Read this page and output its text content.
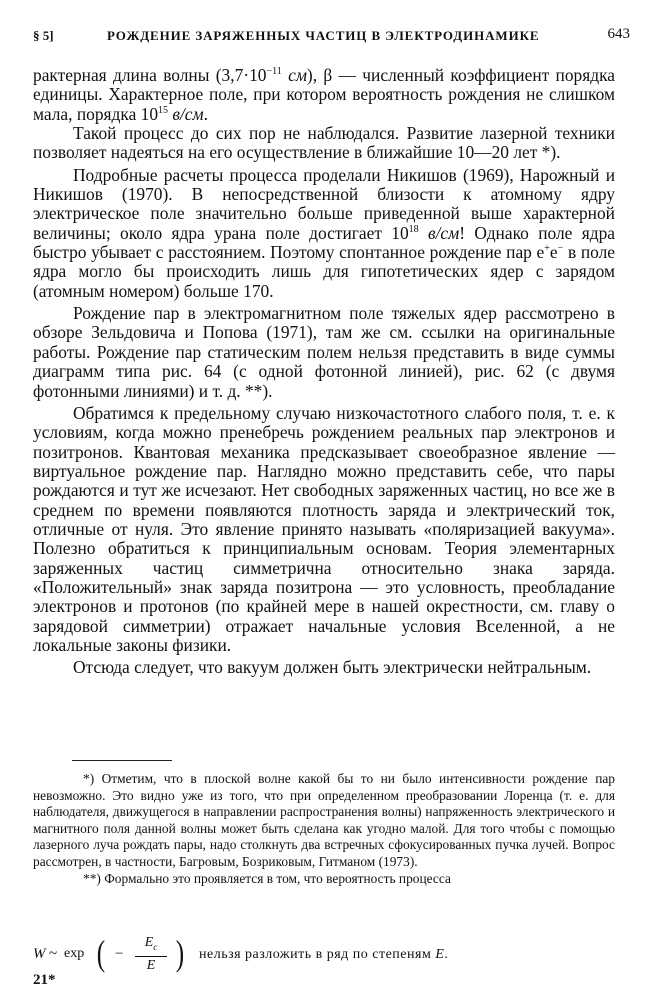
§ 5]	РОЖДЕНИЕ ЗАРЯЖЕННЫХ ЧАСТИЦ В ЭЛЕКТРОДИНАМИКЕ	643

рактерная длина волны ($3,7\cdot 10^{-11}$ см), β — численный коэффициент порядка единицы. Характерное поле, при котором вероятность рождения не слишком мала, порядка $10^{15}$ в/см.

Такой процесс до сих пор не наблюдался. Развитие лазерной техники позволяет надеяться на его осуществление в ближайшие 10—20 лет *).

Подробные расчеты процесса проделали Никишов (1969), Нарожный и Никишов (1970). В непосредственной близости к атомному ядру электрическое поле значительно больше приведенной выше характерной величины; около ядра урана поле достигает $10^{18}$ в/см! Однако поле ядра быстро убывает с расстоянием. Поэтому спонтанное рождение пар e+e− в поле ядра могло бы происходить лишь для гипотетических ядер с зарядом (атомным номером) больше 170.

Рождение пар в электромагнитном поле тяжелых ядер рассмотрено в обзоре Зельдовича и Попова (1971), там же см. ссылки на оригинальные работы. Рождение пар статическим полем нельзя представить в виде суммы диаграмм типа рис. 64 (с одной фотонной линией), рис. 62 (с двумя фотонными линиями) и т. д. **).

Обратимся к предельному случаю низкочастотного слабого поля, т. е. к условиям, когда можно пренебречь рождением реальных пар электронов и позитронов. Квантовая механика предсказывает своеобразное явление — виртуальное рождение пар. Наглядно можно представить себе, что пары рождаются и тут же исчезают. Нет свободных заряженных частиц, но все же в среднем по времени появляются плотность заряда и электрический ток, отличные от нуля. Это явление принято называть «поляризацией вакуума». Полезно обратиться к принципиальным основам. Теория элементарных заряженных частиц симметрична относительно знака заряда. «Положительный» знак заряда позитрона — это условность, преобладание электронов и протонов (по крайней мере в нашей окрестности, см. главу о зарядовой симметрии) отражает начальные условия Вселенной, а не локальные законы физики.

Отсюда следует, что вакуум должен быть электрически нейтральным.

*) Отметим, что в плоской волне какой бы то ни было интенсивности рождение пар невозможно. Это видно уже из того, что при определенном преобразовании Лоренца (т. е. для наблюдателя, движущегося в направлении распространения волны) напряженность электрического и магнитного поля данной волны может быть сделана как угодно малой. Для того чтобы с помощью лазерного луча рождать пары, надо столкнуть два встречных сфокусированных пучка лучей. Вопрос рассмотрен, в частности, Багровым, Бозриковым, Гитманом (1973).

**) Формально это проявляется в том, что вероятность процесса

W ~ exp ( −
$E_c$
E ) нельзя разложить в ряд по степеням E.
21*
